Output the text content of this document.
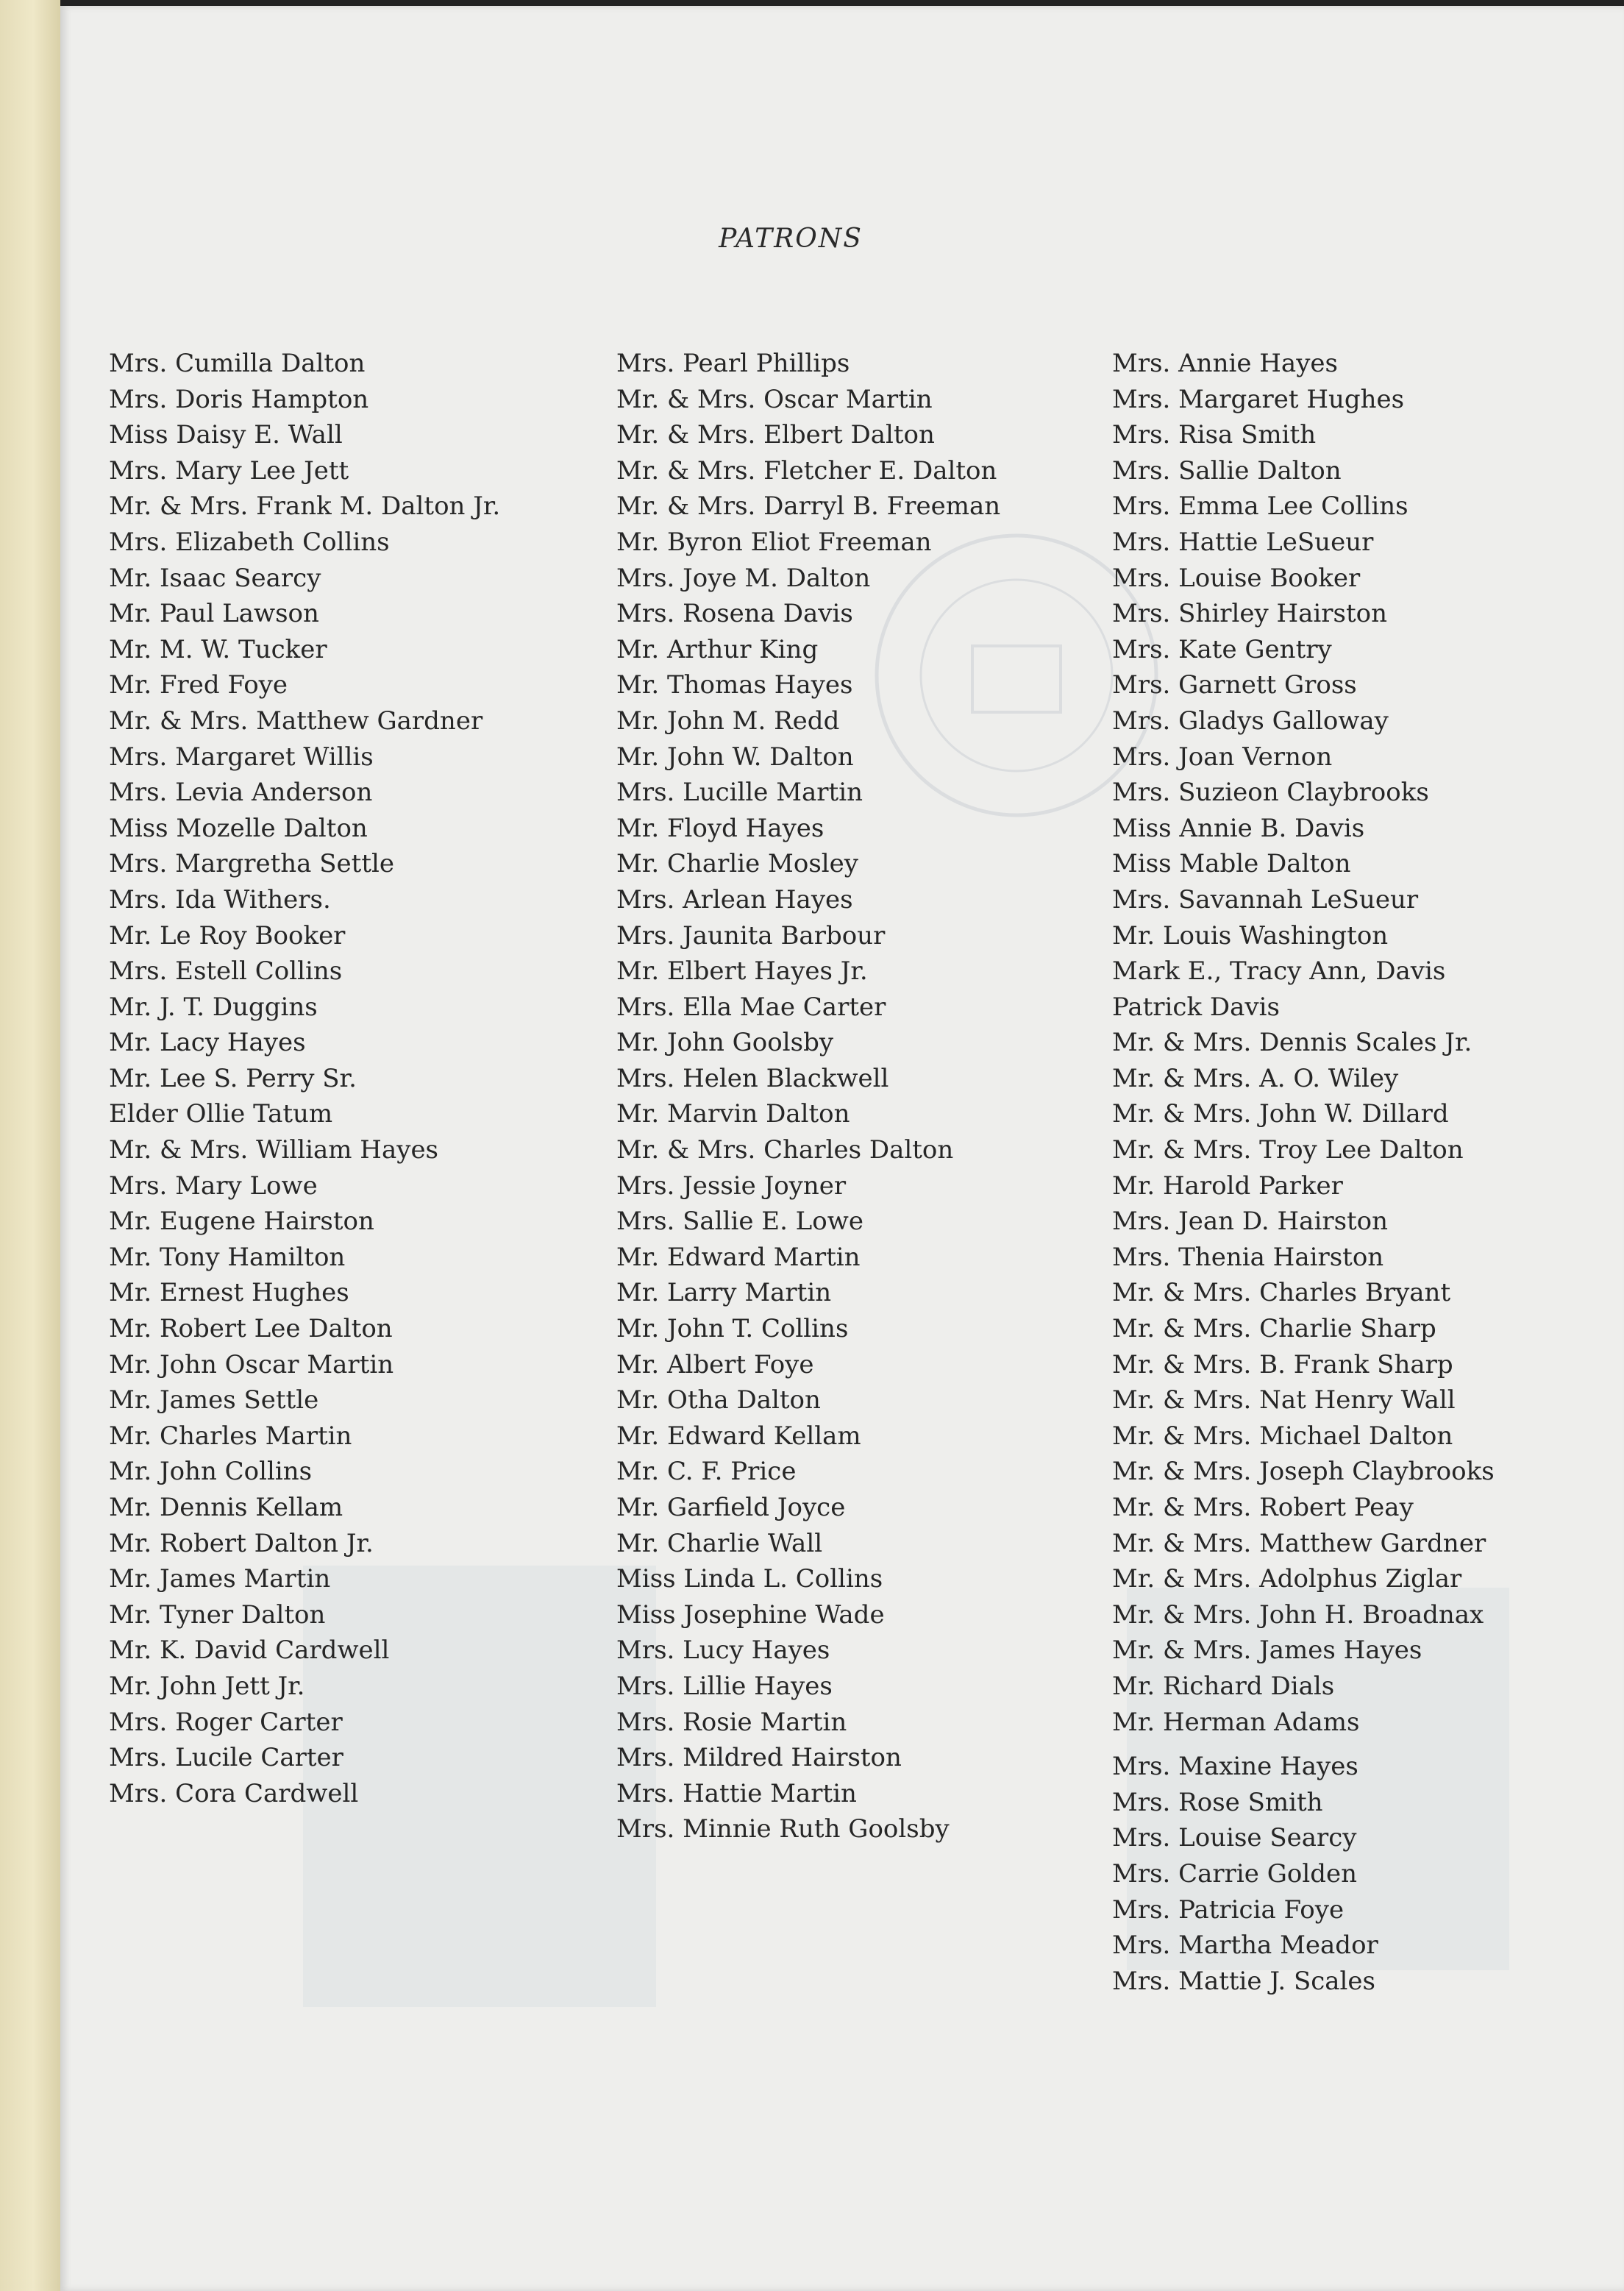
PATRONS
Mrs. Cumilla Dalton
Mrs. Doris Hampton
Miss Daisy E. Wall
Mrs. Mary Lee Jett
Mr. & Mrs. Frank M. Dalton Jr.
Mrs. Elizabeth Collins
Mr. Isaac Searcy
Mr. Paul Lawson
Mr. M. W. Tucker
Mr. Fred Foye
Mr. & Mrs. Matthew Gardner
Mrs. Margaret Willis
Mrs. Levia Anderson
Miss Mozelle Dalton
Mrs. Margretha Settle
Mrs. Ida Withers.
Mr. Le Roy Booker
Mrs. Estell Collins
Mr. J. T. Duggins
Mr. Lacy Hayes
Mr. Lee S. Perry Sr.
Elder Ollie Tatum
Mr. & Mrs. William Hayes
Mrs. Mary Lowe
Mr. Eugene Hairston
Mr. Tony Hamilton
Mr. Ernest Hughes
Mr. Robert Lee Dalton
Mr. John Oscar Martin
Mr. James Settle
Mr. Charles Martin
Mr. John Collins
Mr. Dennis Kellam
Mr. Robert Dalton Jr.
Mr. James Martin
Mr. Tyner Dalton
Mr. K. David Cardwell
Mr. John Jett Jr.
Mrs. Roger Carter
Mrs. Lucile Carter
Mrs. Cora Cardwell
Mrs. Pearl Phillips
Mr. & Mrs. Oscar Martin
Mr. & Mrs. Elbert Dalton
Mr. & Mrs. Fletcher E. Dalton
Mr. & Mrs. Darryl B. Freeman
Mr. Byron Eliot Freeman
Mrs. Joye M. Dalton
Mrs. Rosena Davis
Mr. Arthur King
Mr. Thomas Hayes
Mr. John M. Redd
Mr. John W. Dalton
Mrs. Lucille Martin
Mr. Floyd Hayes
Mr. Charlie Mosley
Mrs. Arlean Hayes
Mrs. Jaunita Barbour
Mr. Elbert Hayes Jr.
Mrs. Ella Mae Carter
Mr. John Goolsby
Mrs. Helen Blackwell
Mr. Marvin Dalton
Mr. & Mrs. Charles Dalton
Mrs. Jessie Joyner
Mrs. Sallie E. Lowe
Mr. Edward Martin
Mr. Larry Martin
Mr. John T. Collins
Mr. Albert Foye
Mr. Otha Dalton
Mr. Edward Kellam
Mr. C. F. Price
Mr. Garfield Joyce
Mr. Charlie Wall
Miss Linda L. Collins
Miss Josephine Wade
Mrs. Lucy Hayes
Mrs. Lillie Hayes
Mrs. Rosie Martin
Mrs. Mildred Hairston
Mrs. Hattie Martin
Mrs. Minnie Ruth Goolsby
Mrs. Annie Hayes
Mrs. Margaret Hughes
Mrs. Risa Smith
Mrs. Sallie Dalton
Mrs. Emma Lee Collins
Mrs. Hattie LeSueur
Mrs. Louise Booker
Mrs. Shirley Hairston
Mrs. Kate Gentry
Mrs. Garnett Gross
Mrs. Gladys Galloway
Mrs. Joan Vernon
Mrs. Suzieon Claybrooks
Miss Annie B. Davis
Miss Mable Dalton
Mrs. Savannah LeSueur
Mr. Louis Washington
Mark E., Tracy Ann, Davis
Patrick Davis
Mr. & Mrs. Dennis Scales Jr.
Mr. & Mrs. A. O. Wiley
Mr. & Mrs. John W. Dillard
Mr. & Mrs. Troy Lee Dalton
Mr. Harold Parker
Mrs. Jean D. Hairston
Mrs. Thenia Hairston
Mr. & Mrs. Charles Bryant
Mr. & Mrs. Charlie Sharp
Mr. & Mrs. B. Frank Sharp
Mr. & Mrs. Nat Henry Wall
Mr. & Mrs. Michael Dalton
Mr. & Mrs. Joseph Claybrooks
Mr. & Mrs. Robert Peay
Mr. & Mrs. Matthew Gardner
Mr. & Mrs. Adolphus Ziglar
Mr. & Mrs. John H. Broadnax
Mr. & Mrs. James Hayes
Mr. Richard Dials
Mr. Herman Adams
Mrs. Maxine Hayes
Mrs. Rose Smith
Mrs. Louise Searcy
Mrs. Carrie Golden
Mrs. Patricia Foye
Mrs. Martha Meador
Mrs. Mattie J. Scales
